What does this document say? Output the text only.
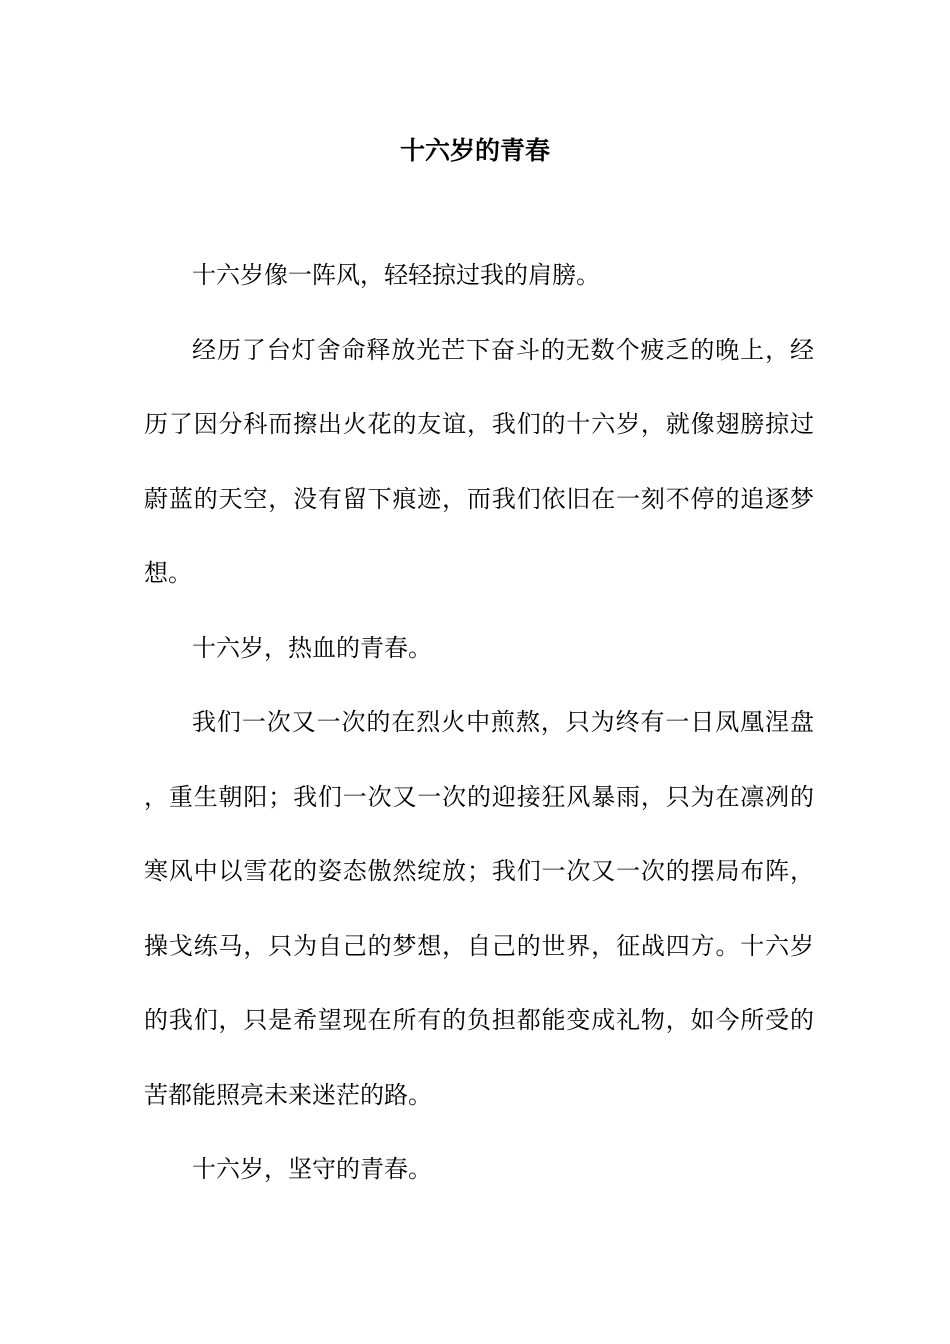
十六岁的青春

十六岁像一阵风，轻轻掠过我的肩膀。

经历了台灯舍命释放光芒下奋斗的无数个疲乏的晚上，经历了因分科而擦出火花的友谊，我们的十六岁，就像翅膀掠过蔚蓝的天空，没有留下痕迹，而我们依旧在一刻不停的追逐梦想。

十六岁，热血的青春。

我们一次又一次的在烈火中煎熬，只为终有一日凤凰涅盘，重生朝阳；我们一次又一次的迎接狂风暴雨，只为在凛冽的寒风中以雪花的姿态傲然绽放；我们一次又一次的摆局布阵，操戈练马，只为自己的梦想，自己的世界，征战四方。十六岁的我们，只是希望现在所有的负担都能变成礼物，如今所受的苦都能照亮未来迷茫的路。

十六岁，坚守的青春。
